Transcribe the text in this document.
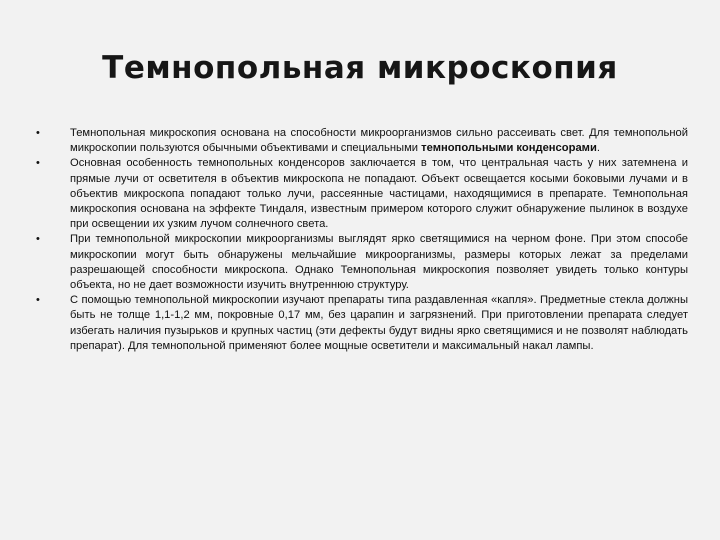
Темнопольная микроскопия

•	Темнопольная микроскопия основана на способности микроорганизмов сильно рассеивать свет. Для темнопольной микроскопии пользуются обычными объективами и специальными темнопольными конденсорами.

•	Основная особенность темнопольных конденсоров заключается в том, что центральная часть у них затемнена и прямые лучи от осветителя в объектив микроскопа не попадают. Объект освещается косыми боковыми лучами и в объектив микроскопа попадают только лучи, рассеянные частицами, находящимися в препарате. Темнопольная микроскопия основана на эффекте Тиндаля, известным примером которого служит обнаружение пылинок в воздухе при освещении их узким лучом солнечного света.

•	При темнопольной микроскопии микроорганизмы выглядят ярко светящимися на черном фоне. При этом способе микроскопии могут быть обнаружены мельчайшие микроорганизмы, размеры которых лежат за пределами разрешающей способности микроскопа. Однако Темнопольная микроскопия позволяет увидеть только контуры объекта, но не дает возможности изучить внутреннюю структуру.

•	С помощью темнопольной микроскопии изучают препараты типа раздавленная «капля». Предметные стекла должны быть не толще 1,1-1,2 мм, покровные 0,17 мм, без царапин и загрязнений. При приготовлении препарата следует избегать наличия пузырьков и крупных частиц (эти дефекты будут видны ярко светящимися и не позволят наблюдать препарат). Для темнопольной применяют более мощные осветители и максимальный накал лампы.
